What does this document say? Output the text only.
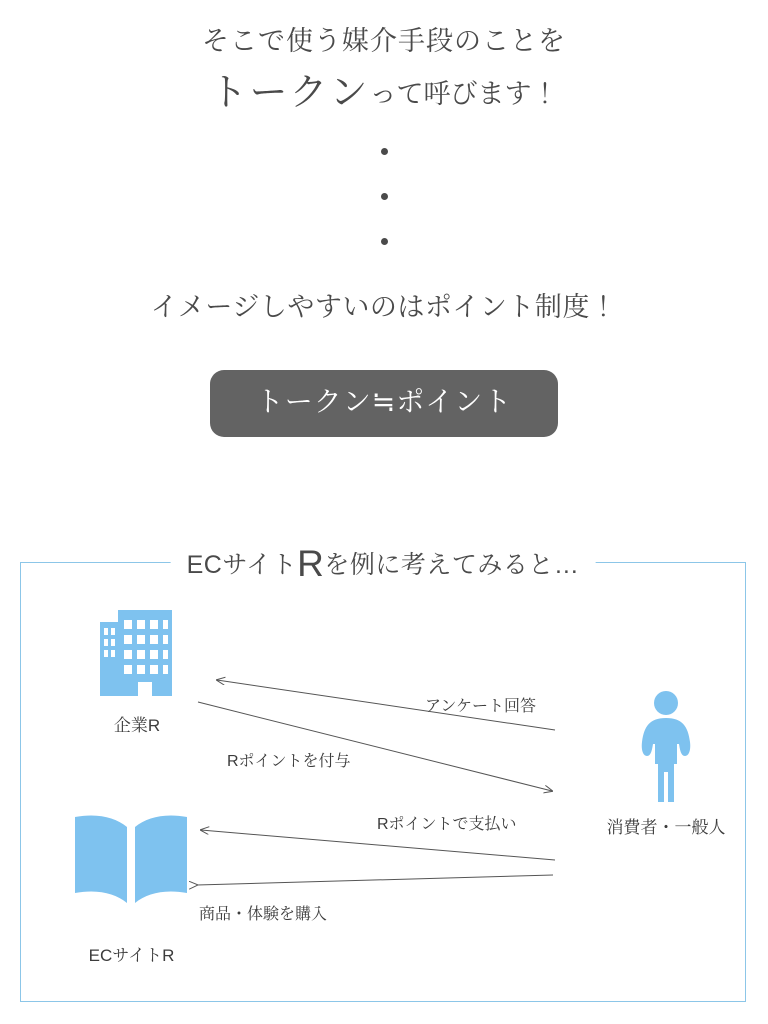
そこで使う媒介手段のことを
トークンって呼びます！
イメージしやすいのはポイント制度！
トークン≒ポイント
ECサイトRを例に考えてみると…
企業R
消費者・一般人
ECサイトR
アンケート回答
Rポイントを付与
Rポイントで支払い
商品・体験を購入
